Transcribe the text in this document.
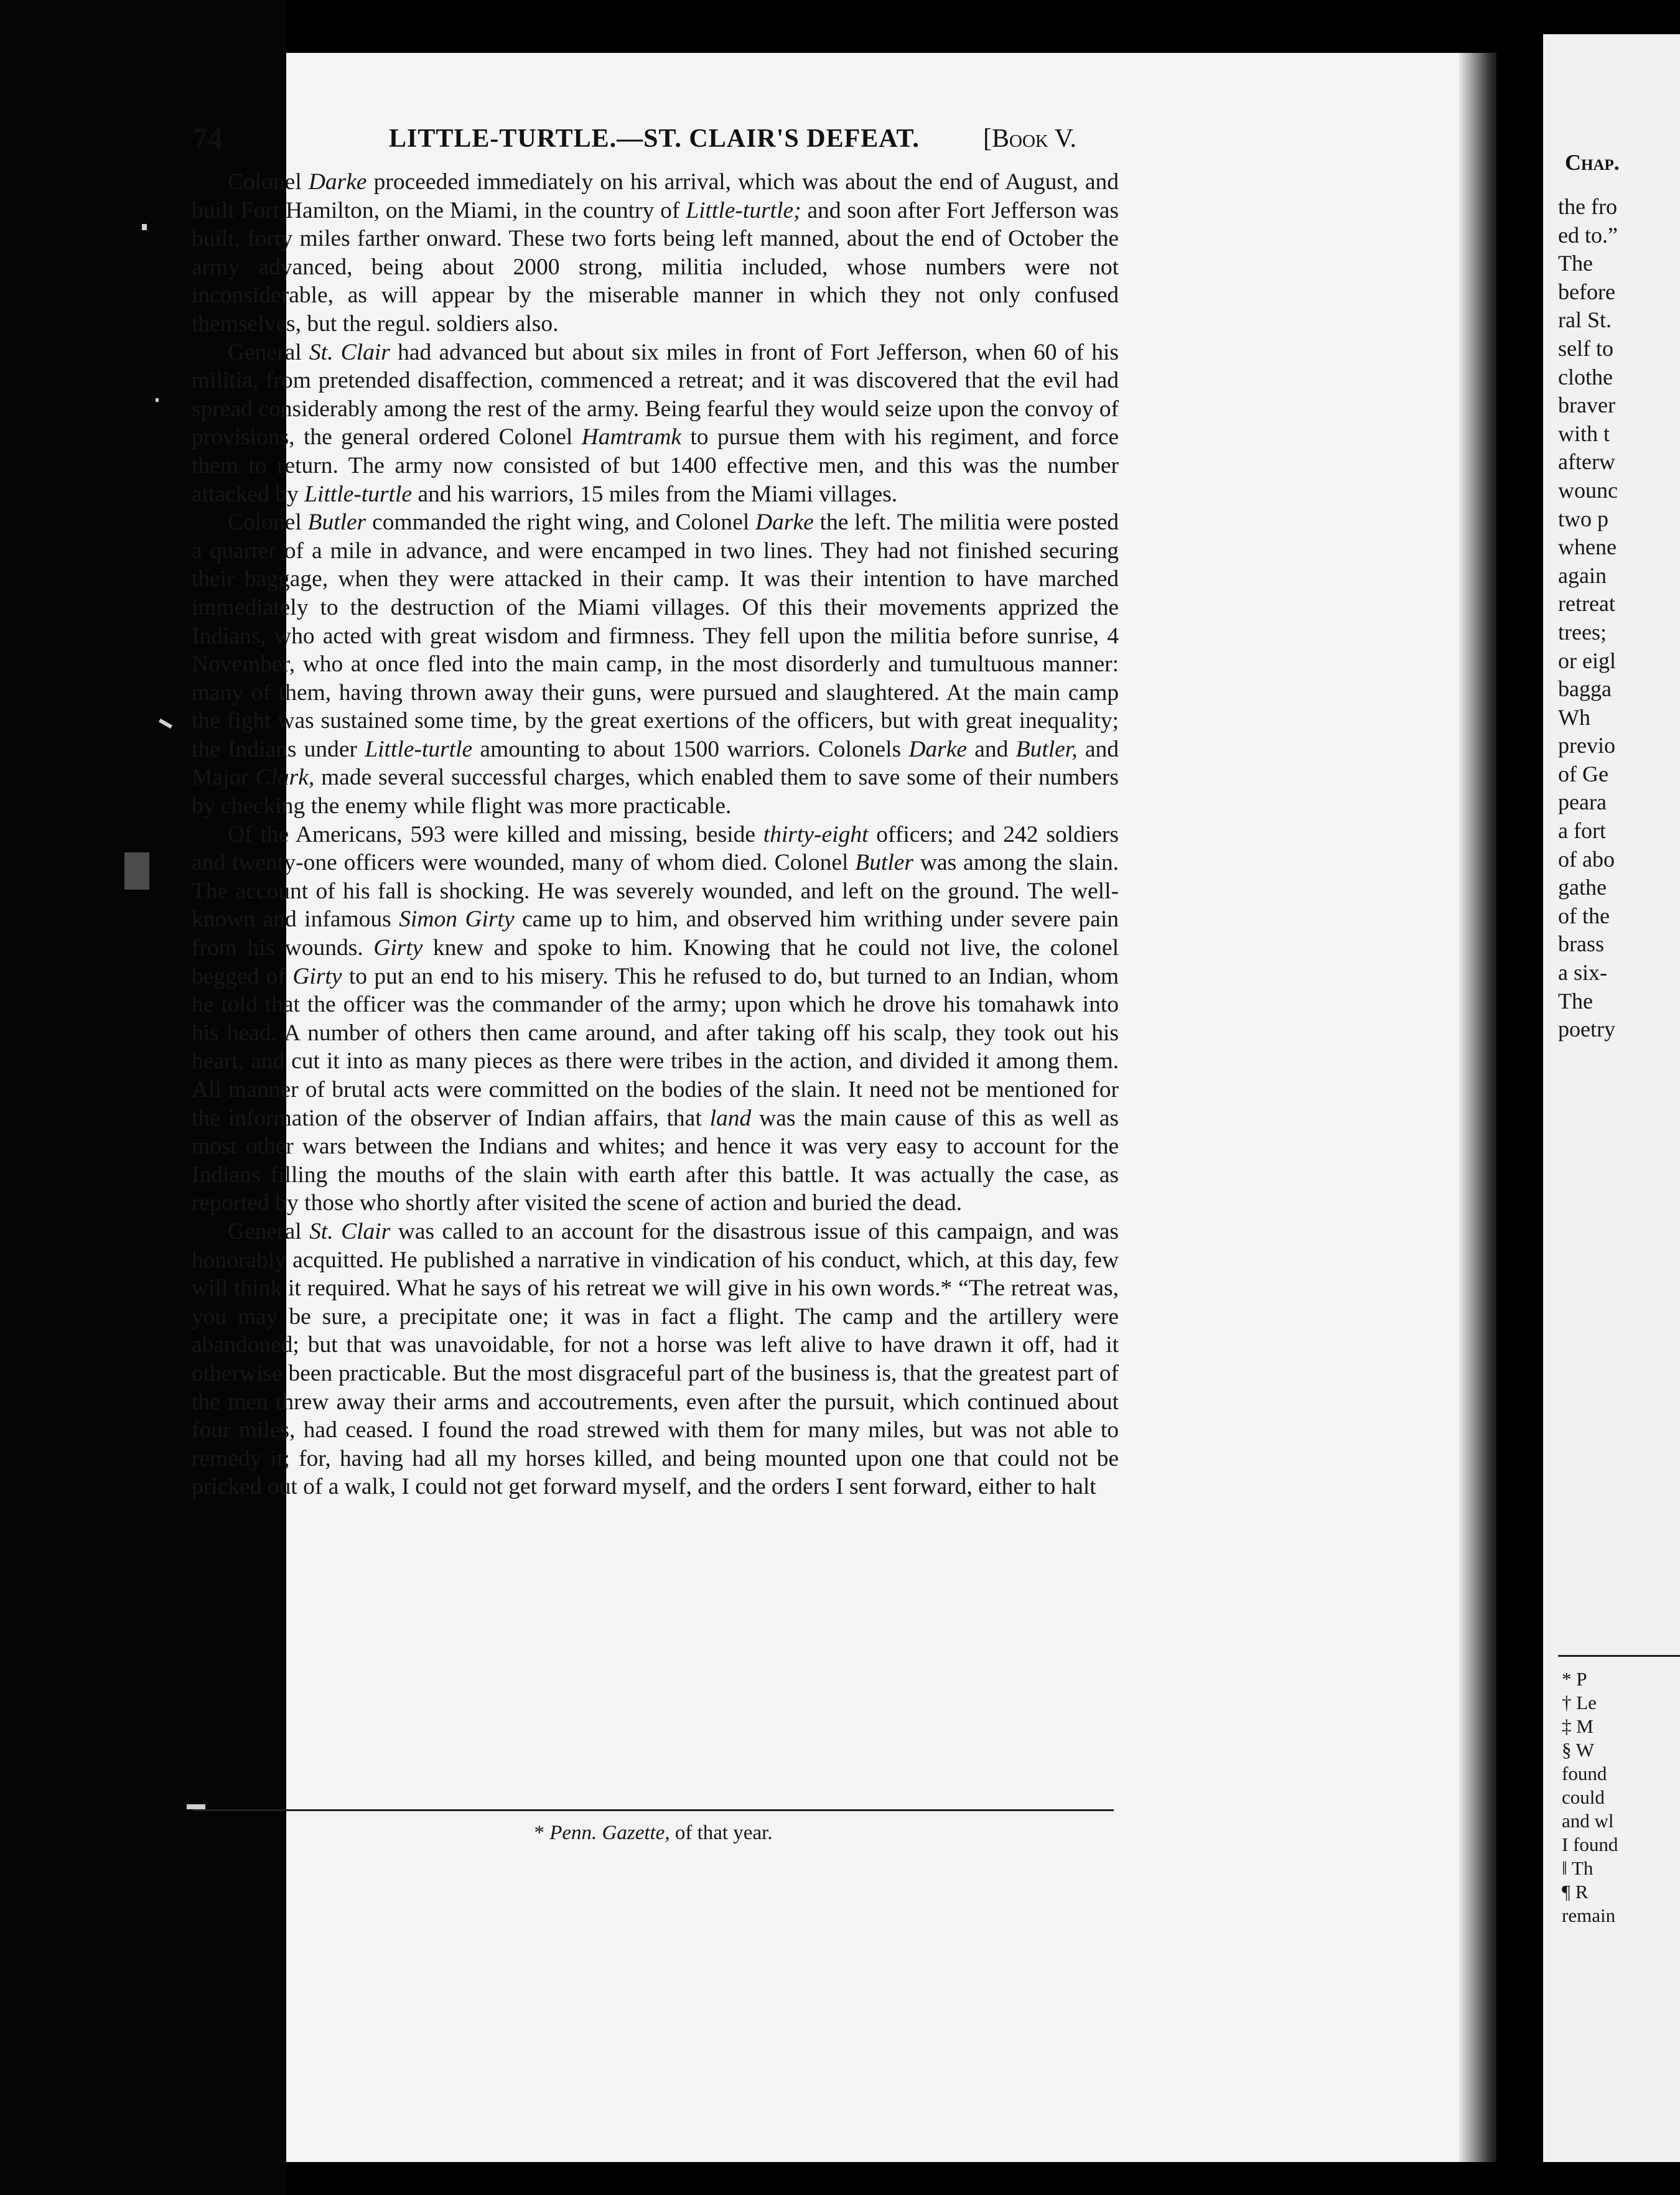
74	LITTLE-TURTLE.—ST. CLAIR'S DEFEAT. [Book V.

Colonel Darke proceeded immediately on his arrival, which was about the end of August, and built Fort Hamilton, on the Miami, in the country of Little-turtle; and soon after Fort Jefferson was built, forty miles farther onward. These two forts being left manned, about the end of October the army advanced, being about 2000 strong, militia included, whose numbers were not inconsiderable, as will appear by the miserable manner in which they not only confused themselves, but the regul. soldiers also.

General St. Clair had advanced but about six miles in front of Fort Jefferson, when 60 of his militia, from pretended disaffection, commenced a retreat; and it was discovered that the evil had spread considerably among the rest of the army. Being fearful they would seize upon the convoy of provisions, the general ordered Colonel Hamtramk to pursue them with his regiment, and force them to return. The army now consisted of but 1400 effective men, and this was the number attacked by Little-turtle and his warriors, 15 miles from the Miami villages.

Colonel Butler commanded the right wing, and Colonel Darke the left. The militia were posted a quarter of a mile in advance, and were encamped in two lines. They had not finished securing their baggage, when they were attacked in their camp. It was their intention to have marched immediately to the destruction of the Miami villages. Of this their movements apprized the Indians, who acted with great wisdom and firmness. They fell upon the militia before sunrise, 4 November, who at once fled into the main camp, in the most disorderly and tumultuous manner: many of them, having thrown away their guns, were pursued and slaughtered. At the main camp the fight was sustained some time, by the great exertions of the officers, but with great inequality; the Indians under Little-turtle amounting to about 1500 warriors. Colonels Darke and Butler, and Major Clark, made several successful charges, which enabled them to save some of their numbers by checking the enemy while flight was more practicable.

Of the Americans, 593 were killed and missing, beside thirty-eight officers; and 242 soldiers and twenty-one officers were wounded, many of whom died. Colonel Butler was among the slain. The account of his fall is shocking. He was severely wounded, and left on the ground. The well-known and infamous Simon Girty came up to him, and observed him writhing under severe pain from his wounds. Girty knew and spoke to him. Knowing that he could not live, the colonel begged of Girty to put an end to his misery. This he refused to do, but turned to an Indian, whom he told that the officer was the commander of the army; upon which he drove his tomahawk into his head. A number of others then came around, and after taking off his scalp, they took out his heart, and cut it into as many pieces as there were tribes in the action, and divided it among them. All manner of brutal acts were committed on the bodies of the slain. It need not be mentioned for the information of the observer of Indian affairs, that land was the main cause of this as well as most other wars between the Indians and whites; and hence it was very easy to account for the Indians filling the mouths of the slain with earth after this battle. It was actually the case, as reported by those who shortly after visited the scene of action and buried the dead.

General St. Clair was called to an account for the disastrous issue of this campaign, and was honorably acquitted. He published a narrative in vindication of his conduct, which, at this day, few will think it required. What he says of his retreat we will give in his own words.* “The retreat was, you may be sure, a precipitate one; it was in fact a flight. The camp and the artillery were abandoned; but that was unavoidable, for not a horse was left alive to have drawn it off, had it otherwise been practicable. But the most disgraceful part of the business is, that the greatest part of the men threw away their arms and accoutrements, even after the pursuit, which continued about four miles, had ceased. I found the road strewed with them for many miles, but was not able to remedy it; for, having had all my horses killed, and being mounted upon one that could not be pricked out of a walk, I could not get forward myself, and the orders I sent forward, either to halt

* Penn. Gazette, of that year.
Chap.
the fro
ed to.”
The
before
ral St.
self to
clothe
braver
with t
afterw
wounc
two p
whene
again
retreat
trees;
or eigl
bagga
Wh
previo
of Ge
peara
a fort
of abo
gathe
of the
brass
a six-
The
poetry
* P
† Le
‡ M
§ W
found
could
and wl
I found
‖ Th
¶ R
remain
